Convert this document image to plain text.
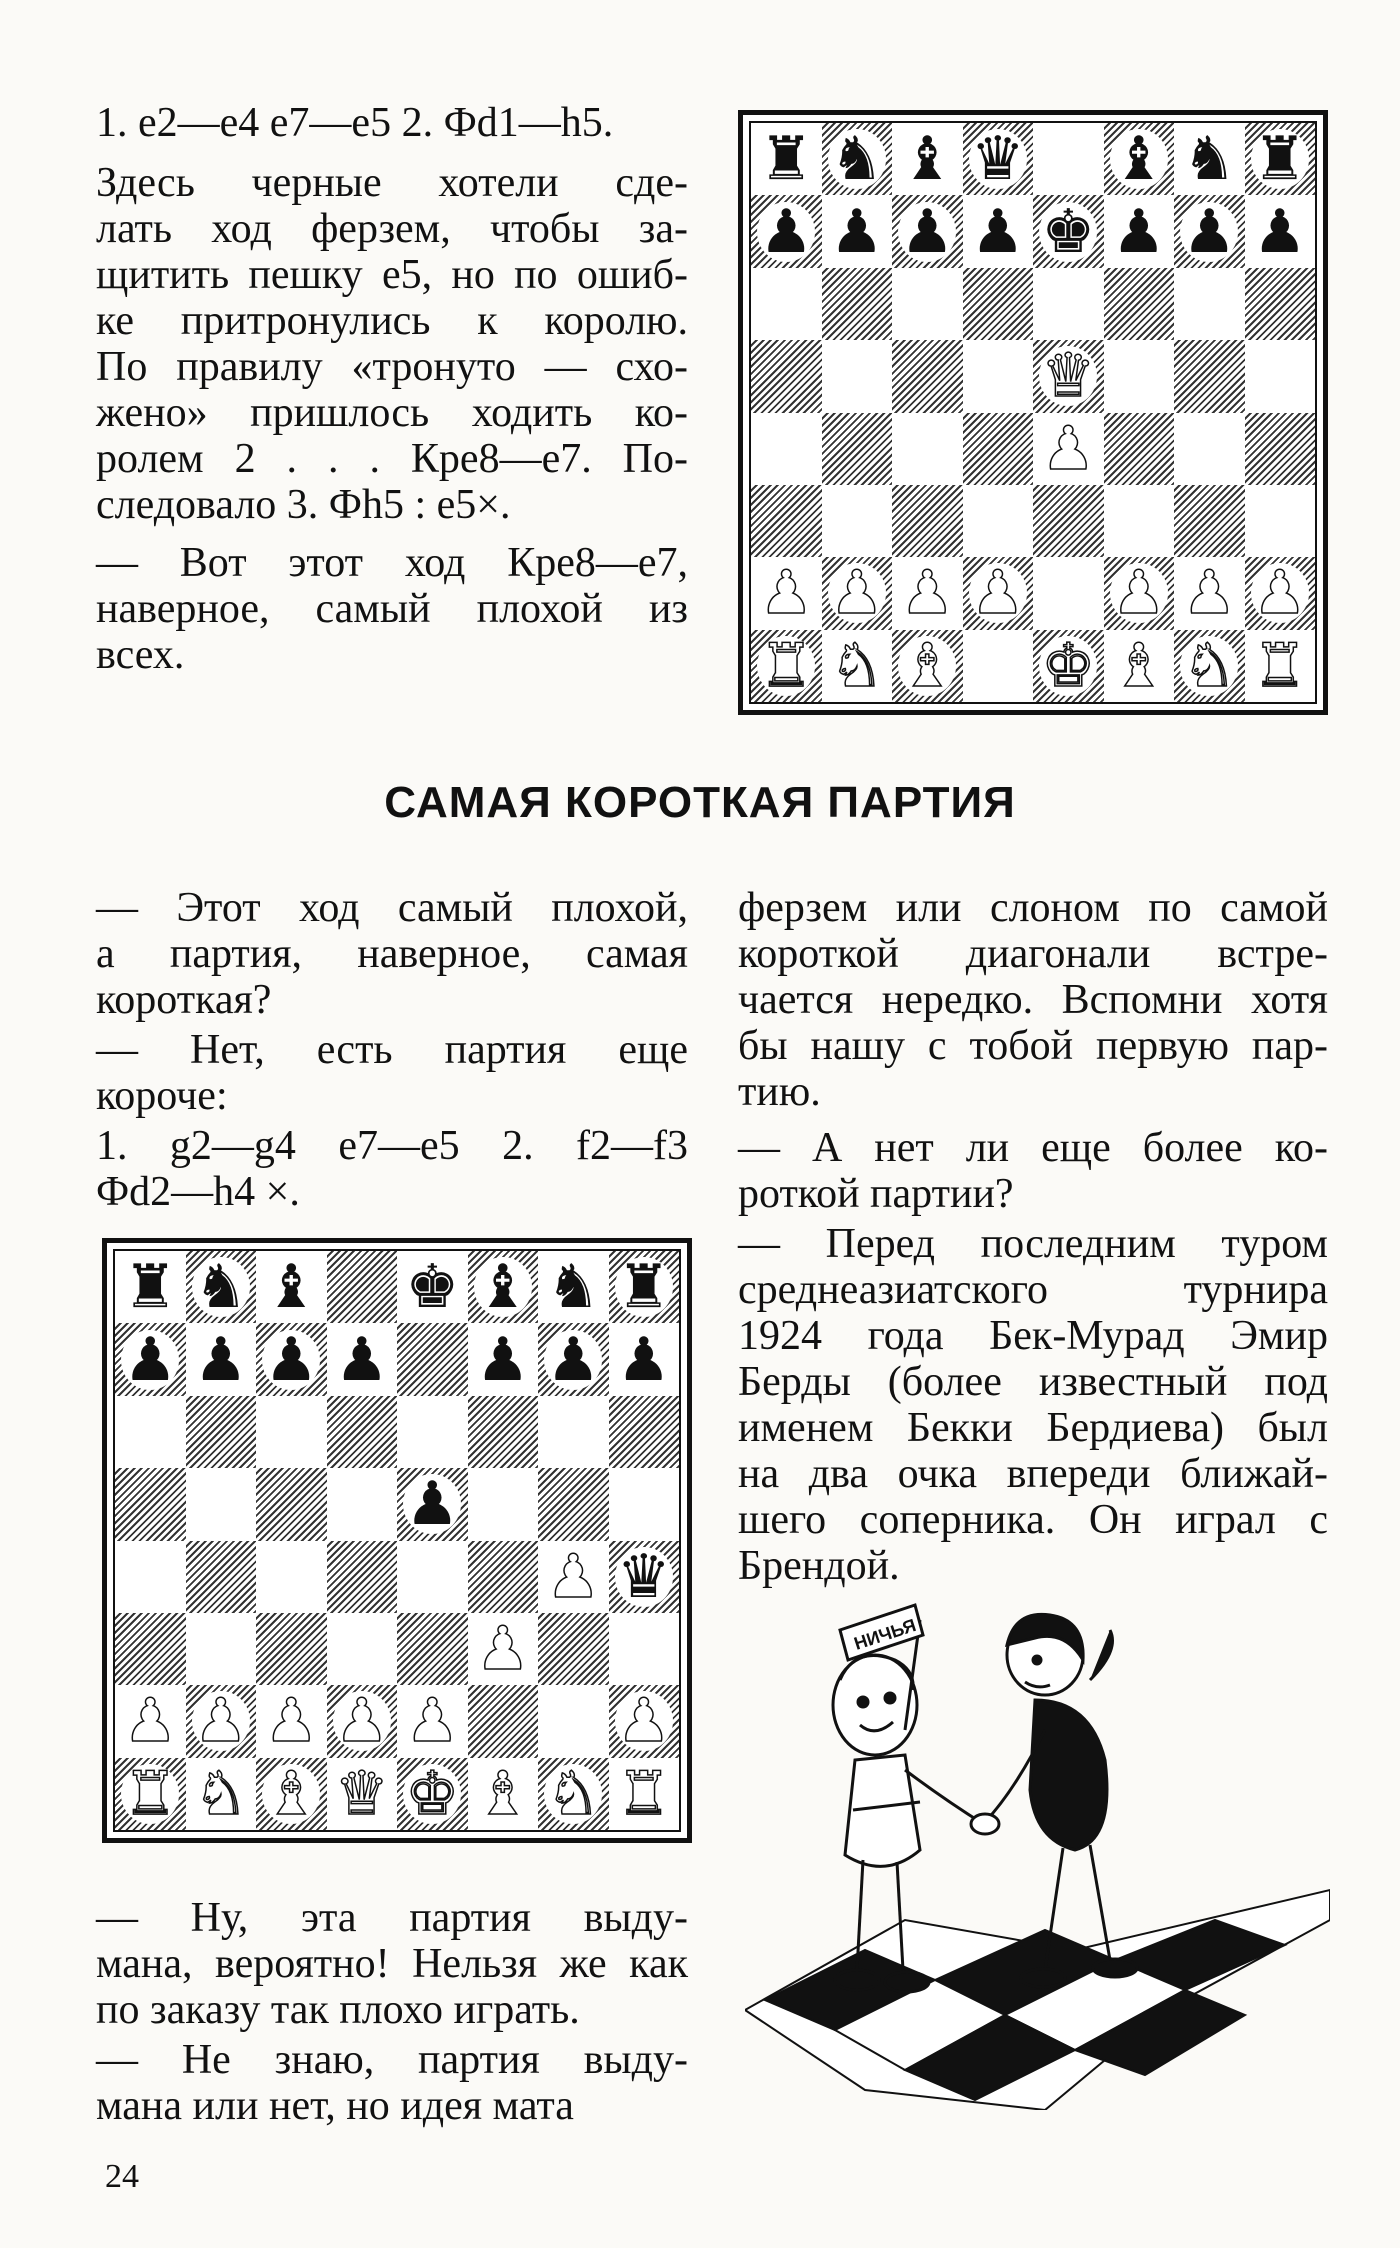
1. e2—e4 e7—e5 2. Фd1—h5.

Здесь черные хотели сде-
лать ход ферзем, чтобы за-
щитить пешку e5, но по ошиб-
ке притронулись к королю.
По правилу «тронуто — схо-
жено» пришлось ходить ко-
ролем 2 . . . Кре8—е7. По-
следовало 3. Фh5 : e5×.
— Вот этот ход Кре8—е7,
наверное, самый плохой из
всех.
♜ ♞ ♝ ♛ ♝ ♞ ♜
♟ ♟ ♟ ♟ ♚ ♟ ♟ ♟
♛
♟
♟ ♟ ♟ ♟ ♟ ♟ ♟
♜ ♞ ♝ ♚ ♝ ♞ ♜
САМАЯ КОРОТКАЯ ПАРТИЯ
— Этот ход самый плохой,
а партия, наверное, самая
короткая?
— Нет, есть партия еще
короче:
1. g2—g4 e7—e5 2. f2—f3
Фd2—h4 ×.
♜ ♞ ♝ ♚ ♝ ♞ ♜
♟ ♟ ♟ ♟ ♟ ♟ ♟
♟
♟ ♛
♟
♟ ♟ ♟ ♟ ♟	♟
♜ ♞ ♝ ♛ ♚ ♝ ♞ ♜
— Ну, эта партия выду-
мана, вероятно! Нельзя же как
по заказу так плохо играть.
— Не знаю, партия выду-
мана или нет, но идея мата
ферзем или слоном по самой
короткой диагонали встре-
чается нередко. Вспомни хотя
бы нашу с тобой первую пар-
тию.
— А нет ли еще более ко-
роткой партии?
— Перед последним туром
среднеазиатского турнира
1924 года Бек-Мурад Эмир
Берды (более известный под
именем Бекки Бердиева) был
на два очка впереди ближай-
шего соперника. Он играл с
Брендой.
НИЧЬЯ
24
